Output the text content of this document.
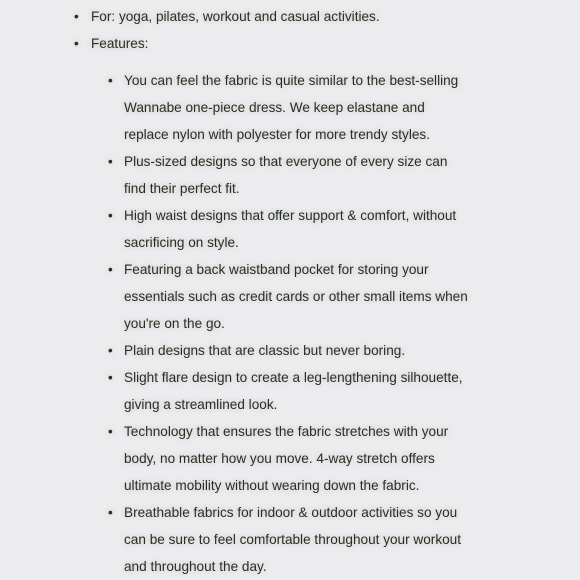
• For: yoga, pilates, workout and casual activities.
• Features:
• You can feel the fabric is quite similar to the best-selling
Wannabe one-piece dress. We keep elastane and
replace nylon with polyester for more trendy styles.
• Plus-sized designs so that everyone of every size can
find their perfect fit.
• High waist designs that offer support & comfort, without
sacrificing on style.
• Featuring a back waistband pocket for storing your
essentials such as credit cards or other small items when
you're on the go.
• Plain designs that are classic but never boring.
• Slight flare design to create a leg-lengthening silhouette,
giving a streamlined look.
• Technology that ensures the fabric stretches with your
body, no matter how you move. 4-way stretch offers
ultimate mobility without wearing down the fabric.
• Breathable fabrics for indoor & outdoor activities so you
can be sure to feel comfortable throughout your workout
and throughout the day.
